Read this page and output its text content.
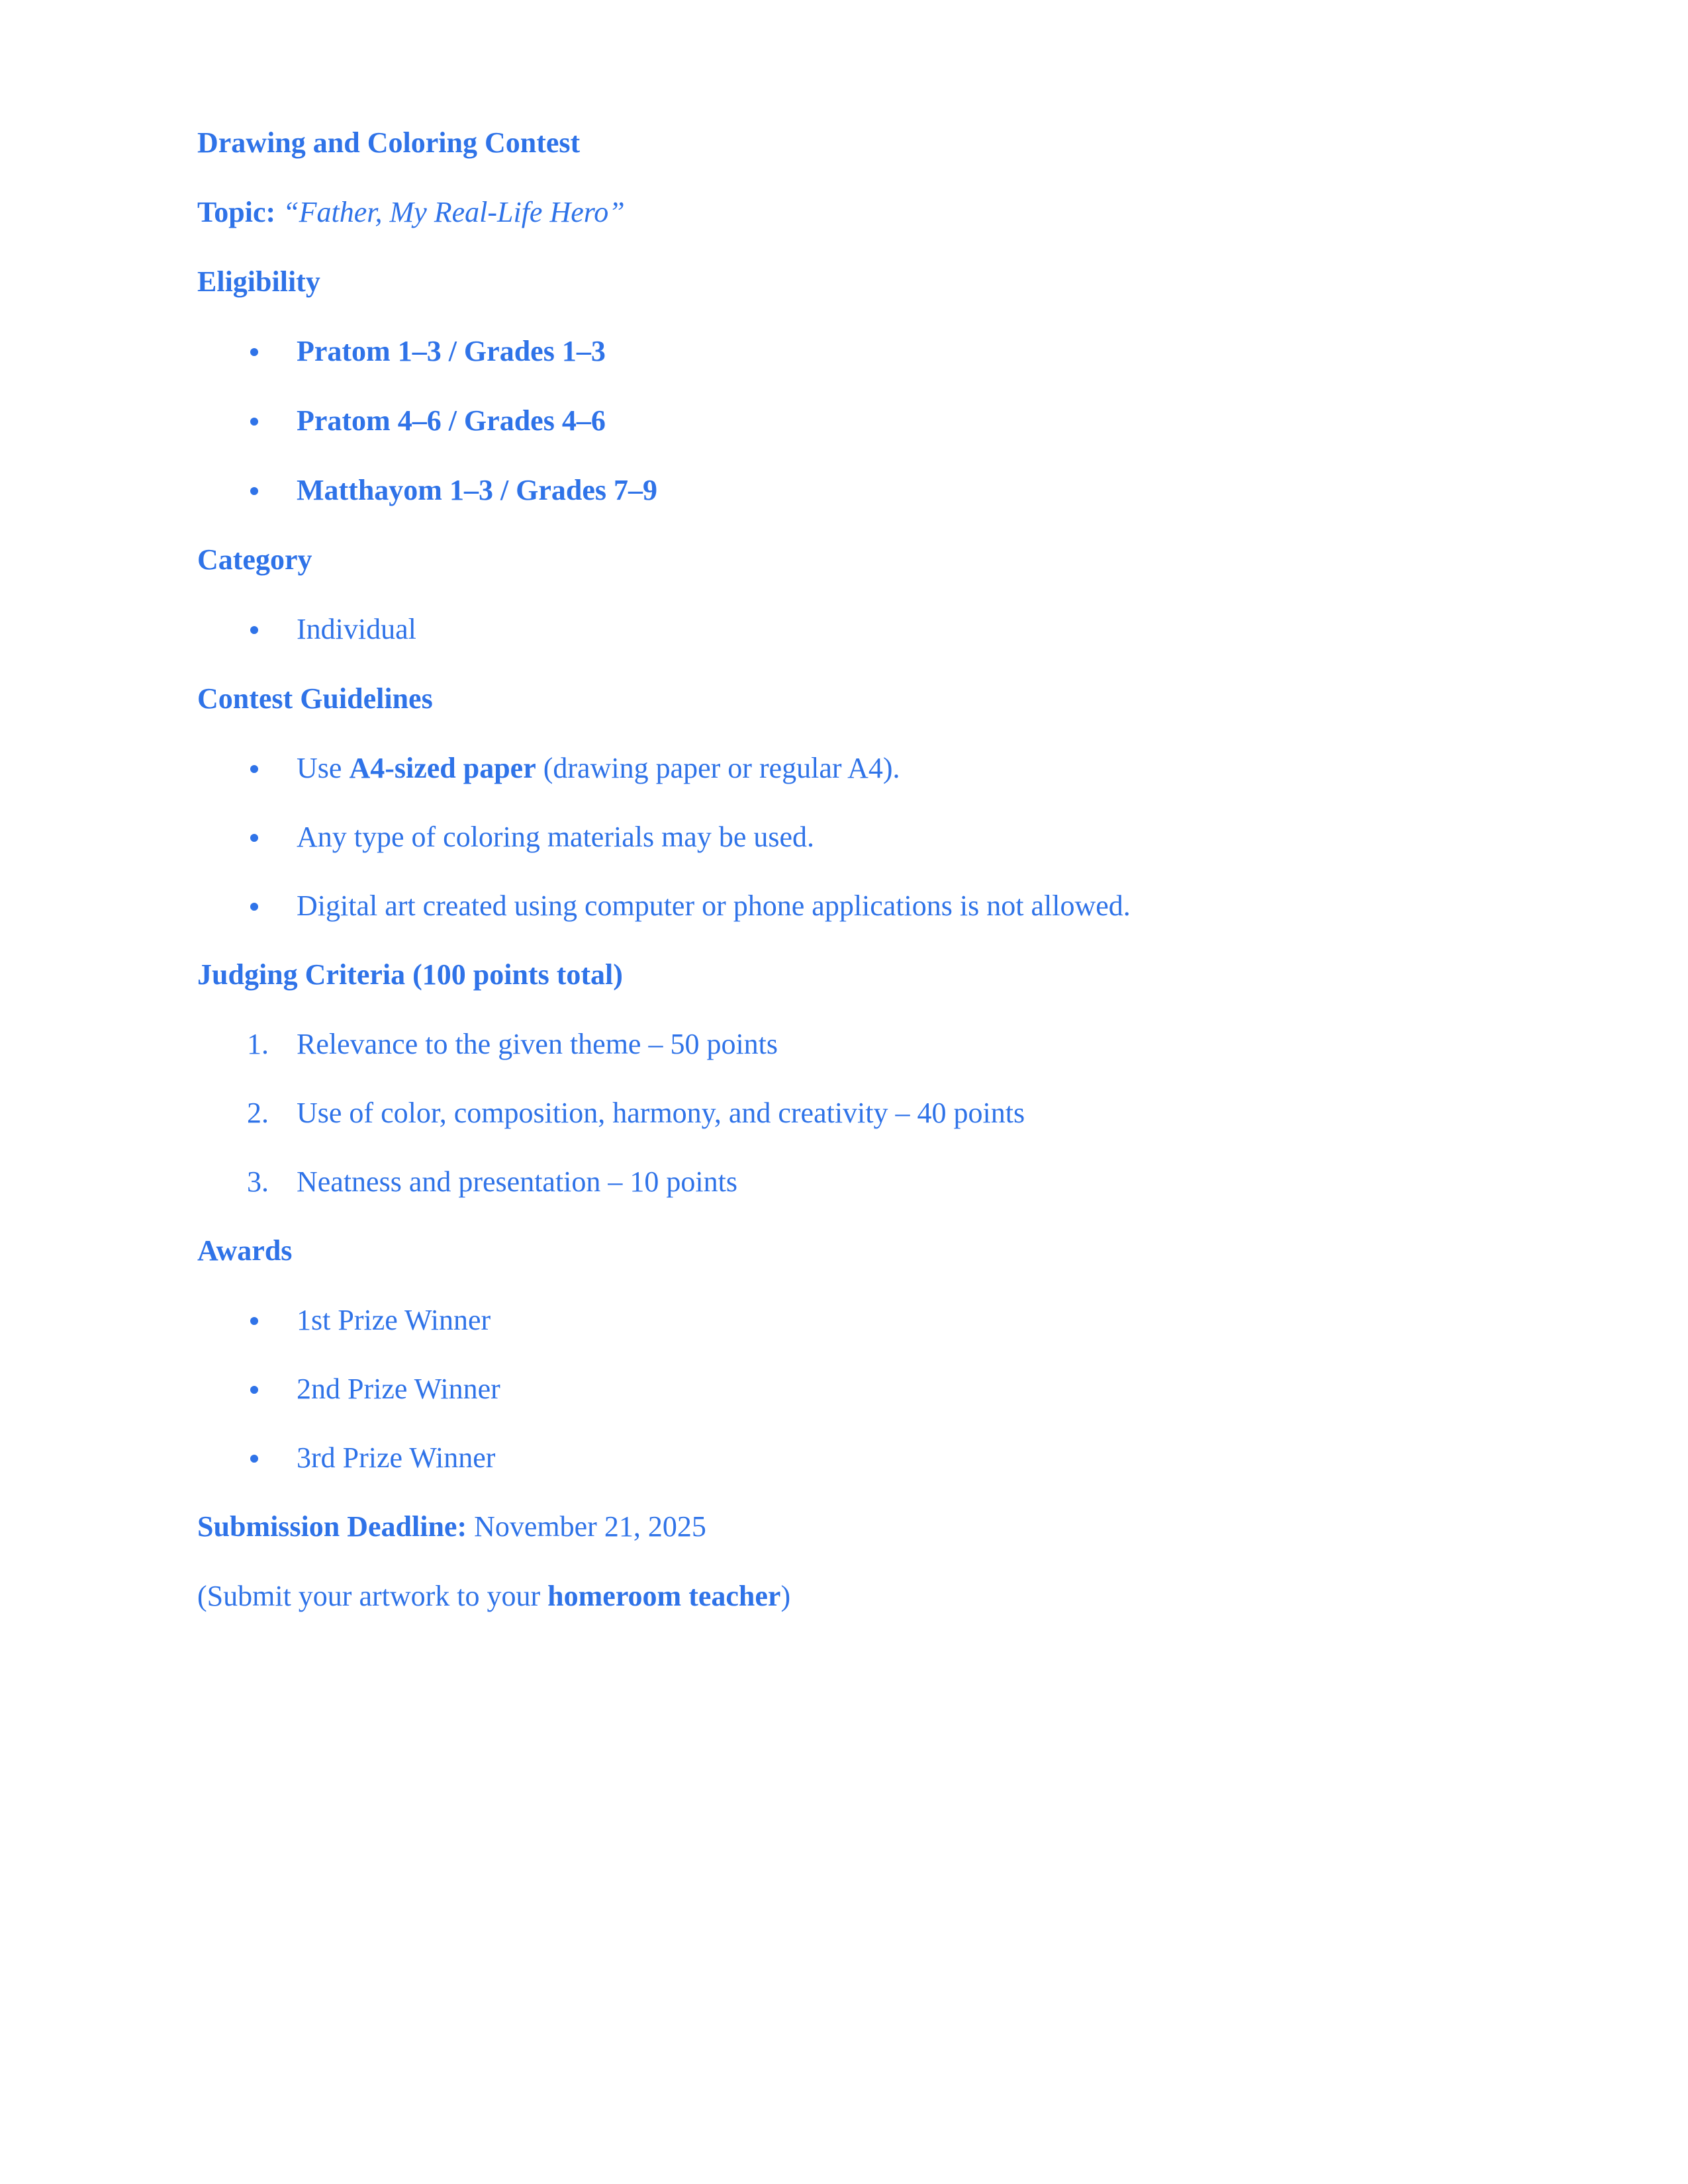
Drawing and Coloring Contest
Topic: “Father, My Real-Life Hero”
Eligibility
Pratom 1–3 / Grades 1–3
Pratom 4–6 / Grades 4–6
Matthayom 1–3 / Grades 7–9
Category
Individual
Contest Guidelines
Use A4-sized paper (drawing paper or regular A4).
Any type of coloring materials may be used.
Digital art created using computer or phone applications is not allowed.
Judging Criteria (100 points total)
1. Relevance to the given theme – 50 points
2. Use of color, composition, harmony, and creativity – 40 points
3. Neatness and presentation – 10 points
Awards
1st Prize Winner
2nd Prize Winner
3rd Prize Winner
Submission Deadline: November 21, 2025
(Submit your artwork to your homeroom teacher)
